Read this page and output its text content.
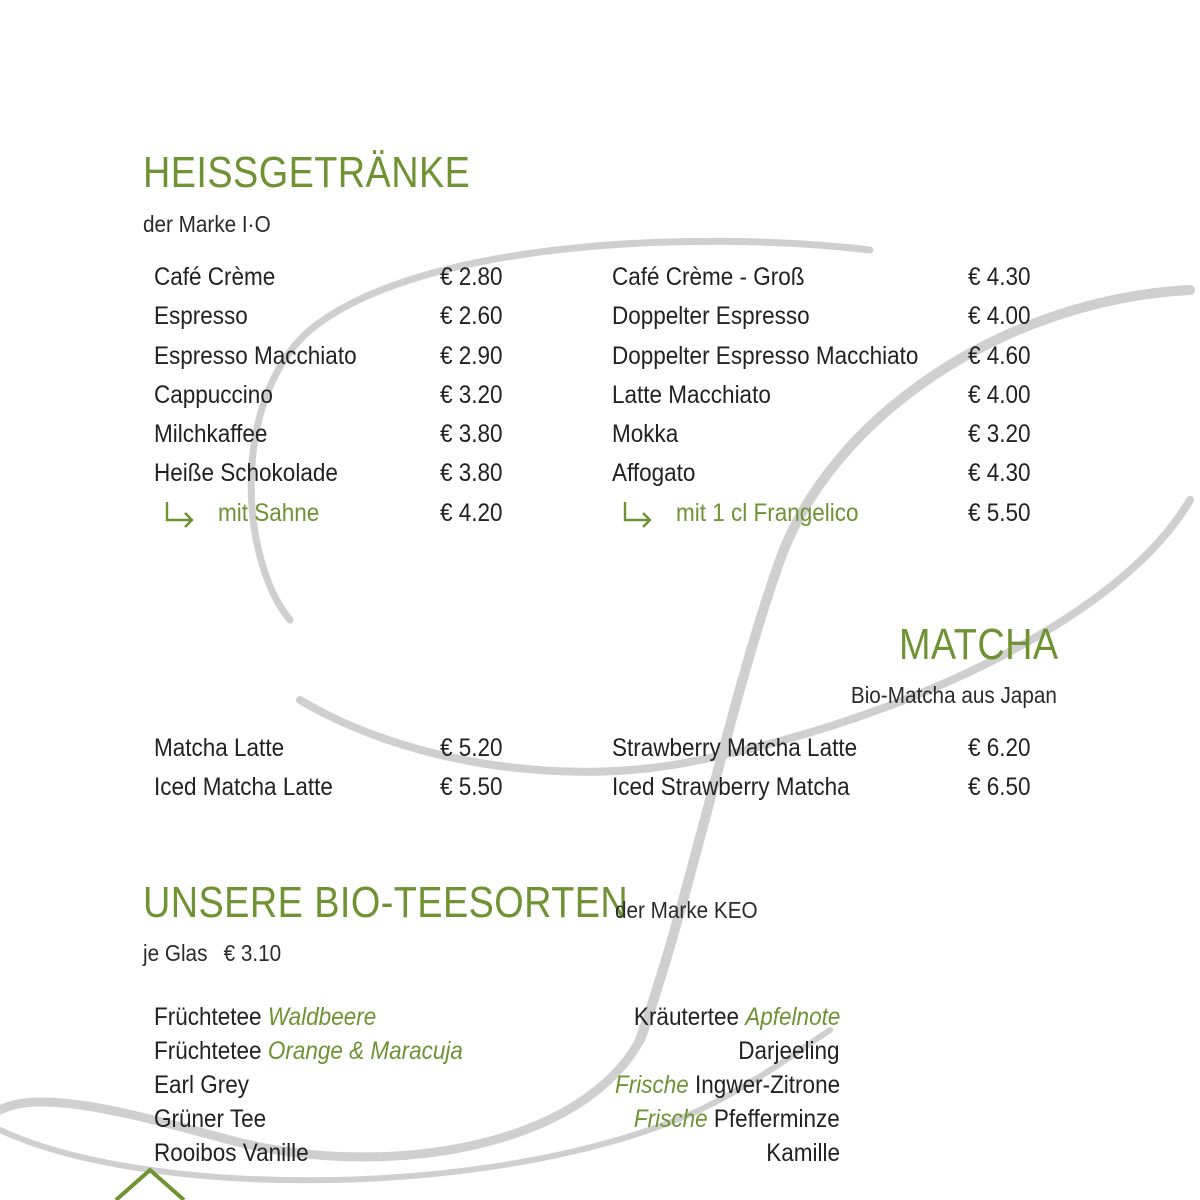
HEISSGETRÄNKE
der Marke I·O
Café Crème	€ 2.80
Espresso	€ 2.60
Espresso Macchiato	€ 2.90
Cappuccino	€ 3.20
Milchkaffee	€ 3.80
Heiße Schokolade	€ 3.80
mit Sahne	€ 4.20
Café Crème - Groß	€ 4.30
Doppelter Espresso	€ 4.00
Doppelter Espresso Macchiato € 4.60
Latte Macchiato	€ 4.00
Mokka	€ 3.20
Affogato	€ 4.30
mit 1 cl Frangelico	€ 5.50
MATCHA
Bio-Matcha aus Japan
Matcha Latte	€ 5.20
Iced Matcha Latte	€ 5.50
Strawberry Matcha Latte	€ 6.20
Iced Strawberry Matcha	€ 6.50
UNSERE BIO-TEESORTEN
der Marke KEO
je Glas € 3.10
Früchtetee Waldbeere
Früchtetee Orange & Maracuja
Earl Grey
Grüner Tee
Rooibos Vanille
Kräutertee Apfelnote
Darjeeling
Frische Ingwer-Zitrone
Frische Pfefferminze
Kamille
